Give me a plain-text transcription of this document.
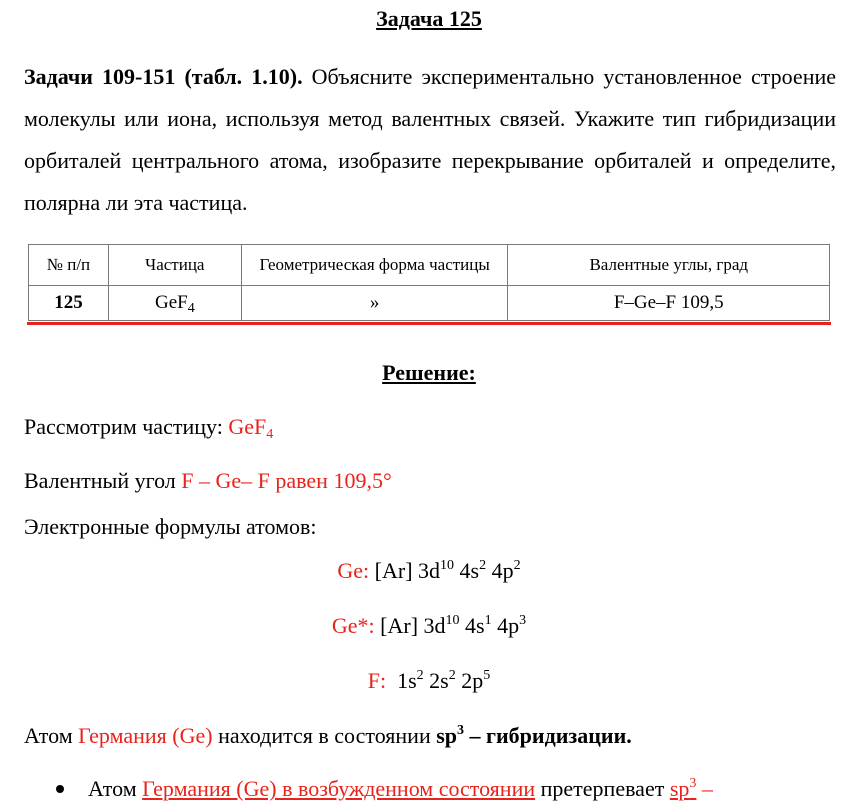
Задача 125
Задачи 109-151 (табл. 1.10). Объясните экспериментально установленное строение молекулы или иона, используя метод валентных связей. Укажите тип гибридизации орбиталей центрального атома, изобразите перекрывание орбиталей и определите, полярна ли эта частица.
№ п/п	Частица	Геометрическая форма частицы	Валентные углы, град
125	GeF$_4$	»	F–Ge–F 109,5
Решение:
Рассмотрим частицу: GeF$_4$
Валентный угол F – Ge– F равен 109,5°
Электронные формулы атомов:
Ge: [Ar] $3d^{10}$ $4s^2$ $4p^2$
Ge*: [Ar] $3d^{10}$ $4s^1$ $4p^3$
F:  $1s^2$ $2s^2$ $2p^5$
Атом Германия (Ge) находится в состоянии $sp^3$ – гибридизации.
Атом Германия (Ge) в возбужденном состоянии претерпевает $sp^3$ –
